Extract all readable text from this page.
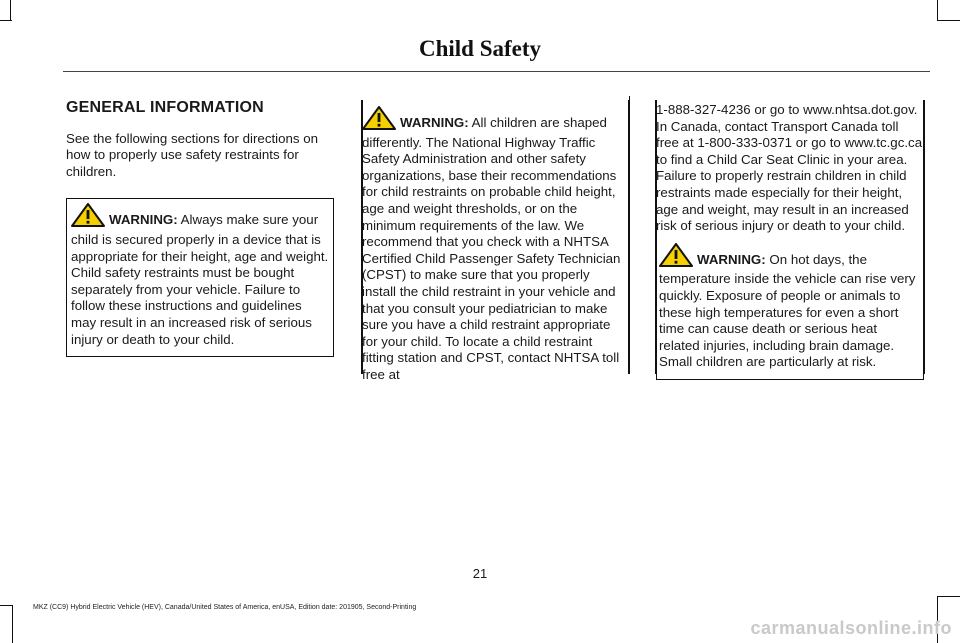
Child Safety
GENERAL INFORMATION

See the following sections for directions on how to properly use safety restraints for children.

WARNING: Always make sure your child is secured properly in a device that is appropriate for their height, age and weight. Child safety restraints must be bought separately from your vehicle. Failure to follow these instructions and guidelines may result in an increased risk of serious injury or death to your child.

WARNING: All children are shaped differently. The National Highway Traffic Safety Administration and other safety organizations, base their recommendations for child restraints on probable child height, age and weight thresholds, or on the minimum requirements of the law. We recommend that you check with a NHTSA Certified Child Passenger Safety Technician (CPST) to make sure that you properly install the child restraint in your vehicle and that you consult your pediatrician to make sure you have a child restraint appropriate for your child. To locate a child restraint fitting station and CPST, contact NHTSA toll free at

1-888-327-4236 or go to www.nhtsa.dot.gov. In Canada, contact Transport Canada toll free at 1-800-333-0371 or go to www.tc.gc.ca to find a Child Car Seat Clinic in your area. Failure to properly restrain children in child restraints made especially for their height, age and weight, may result in an increased risk of serious injury or death to your child.

WARNING: On hot days, the temperature inside the vehicle can rise very quickly. Exposure of people or animals to these high temperatures for even a short time can cause death or serious heat related injuries, including brain damage. Small children are particularly at risk.

21
MKZ (CC9) Hybrid Electric Vehicle (HEV), Canada/United States of America, enUSA, Edition date: 201905, Second-Printing
carmanualsonline.info
